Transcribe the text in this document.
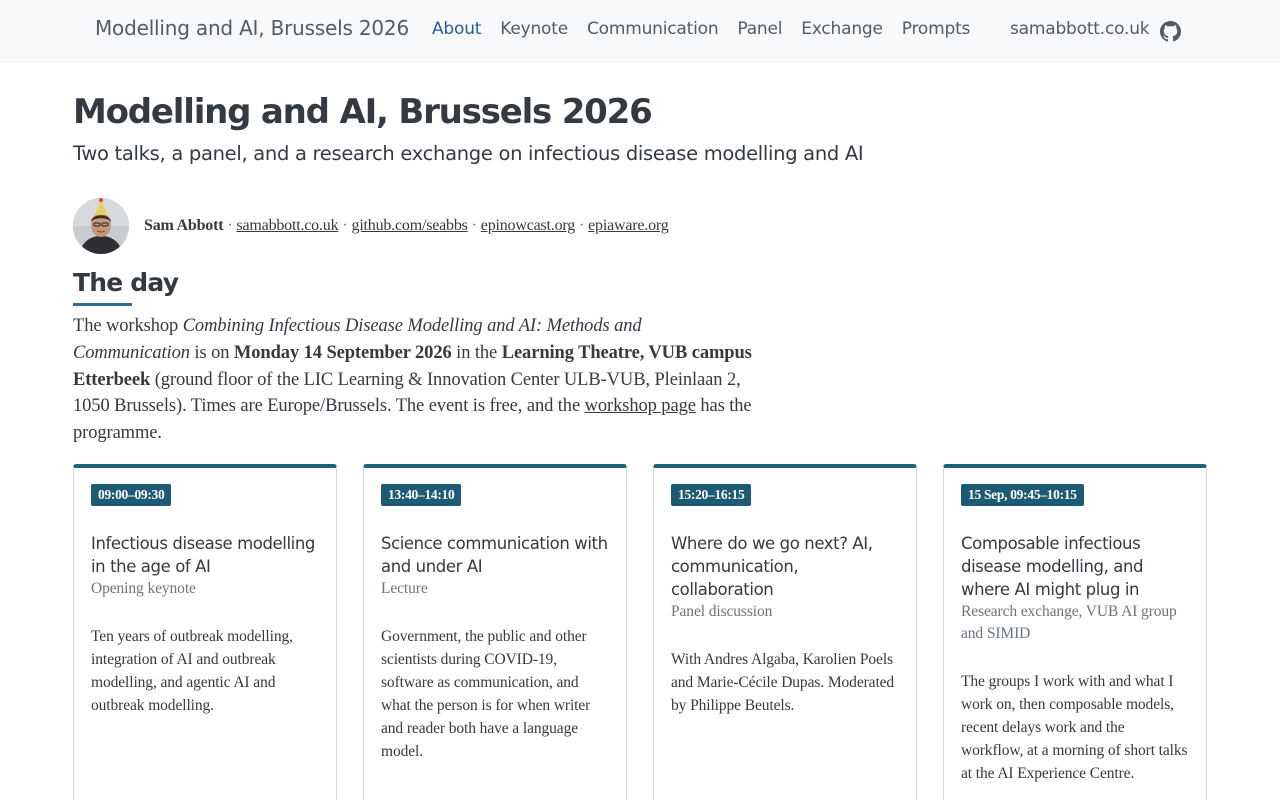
Modelling and AI, Brussels 2026 About Keynote Communication Panel Exchange Prompts samabbott.co.uk
Modelling and AI, Brussels 2026

Two talks, a panel, and a research exchange on infectious disease modelling and AI

Sam Abbott · samabbott.co.uk · github.com/seabbs · epinowcast.org · epiaware.org
The day

The workshop Combining Infectious Disease Modelling and AI: Methods and Communication is on Monday 14 September 2026 in the Learning Theatre, VUB campus Etterbeek (ground floor of the LIC Learning & Innovation Center ULB-VUB, Pleinlaan 2, 1050 Brussels). Times are Europe/Brussels. The event is free, and the workshop page has the programme.

09:00–09:30
Infectious disease modelling in the age of AI
Opening keynote
Ten years of outbreak modelling, integration of AI and outbreak modelling, and agentic AI and outbreak modelling.
13:40–14:10
Science communication with and under AI
Lecture
Government, the public and other scientists during COVID-19, software as communication, and what the person is for when writer and reader both have a language model.
15:20–16:15
Where do we go next? AI, communication, collaboration
Panel discussion
With Andres Algaba, Karolien Poels and Marie-Cécile Dupas. Moderated by Philippe Beutels.
15 Sep, 09:45–10:15
Composable infectious disease modelling, and where AI might plug in
Research exchange, VUB AI group and SIMID
The groups I work with and what I work on, then composable models, recent delays work and the workflow, at a morning of short talks at the AI Experience Centre.
